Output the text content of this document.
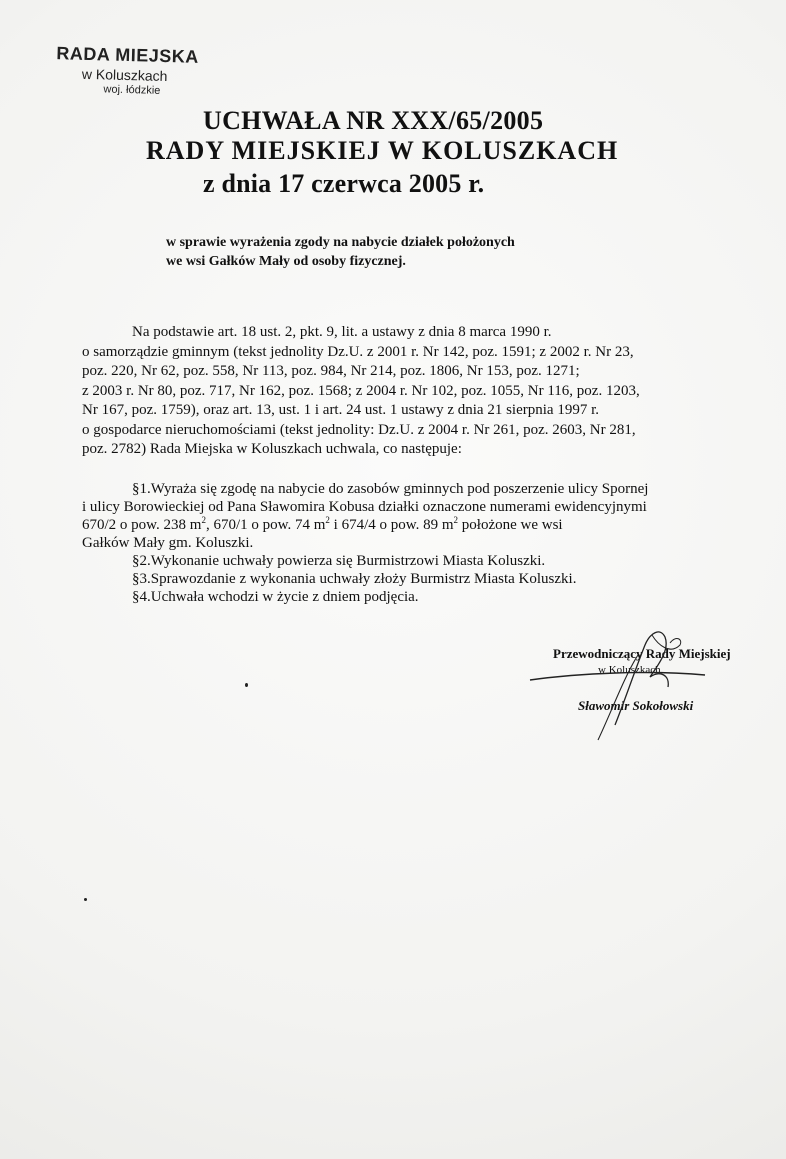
RADA MIEJSKA
w Koluszkach
woj. łódzkie
UCHWAŁA NR XXX/65/2005
RADY MIEJSKIEJ W KOLUSZKACH
z dnia 17 czerwca 2005 r.
w sprawie wyrażenia zgody na nabycie działek położonych
we wsi Gałków Mały od osoby fizycznej.
Na podstawie art. 18 ust. 2, pkt. 9, lit. a ustawy z dnia 8 marca 1990 r.
o samorządzie gminnym (tekst jednolity Dz.U. z 2001 r. Nr 142, poz. 1591; z 2002 r. Nr 23,
poz. 220, Nr 62, poz. 558, Nr 113, poz. 984, Nr 214, poz. 1806, Nr 153, poz. 1271;
z 2003 r. Nr 80, poz. 717, Nr 162, poz. 1568; z 2004 r. Nr 102, poz. 1055, Nr 116, poz. 1203,
Nr 167, poz. 1759), oraz art. 13, ust. 1 i art. 24 ust. 1 ustawy z dnia 21 sierpnia 1997 r.
o gospodarce nieruchomościami (tekst jednolity: Dz.U. z 2004 r. Nr 261, poz. 2603, Nr 281,
poz. 2782) Rada Miejska w Koluszkach uchwala, co następuje:
§1.Wyraża się zgodę na nabycie do zasobów gminnych pod poszerzenie ulicy Spornej
i ulicy Borowieckiej od Pana Sławomira Kobusa działki oznaczone numerami ewidencyjnymi
670/2 o pow. 238 $m^2$, 670/1 o pow. 74 $m^2$ i 674/4 o pow. 89 $m^2$ położone we wsi
Gałków Mały gm. Koluszki.
§2.Wykonanie uchwały powierza się Burmistrzowi Miasta Koluszki.
§3.Sprawozdanie z wykonania uchwały złoży Burmistrz Miasta Koluszki.
§4.Uchwała wchodzi w życie z dniem podjęcia.
Przewodniczący Rady Miejskiej
w Koluszkach
Sławomir Sokołowski
